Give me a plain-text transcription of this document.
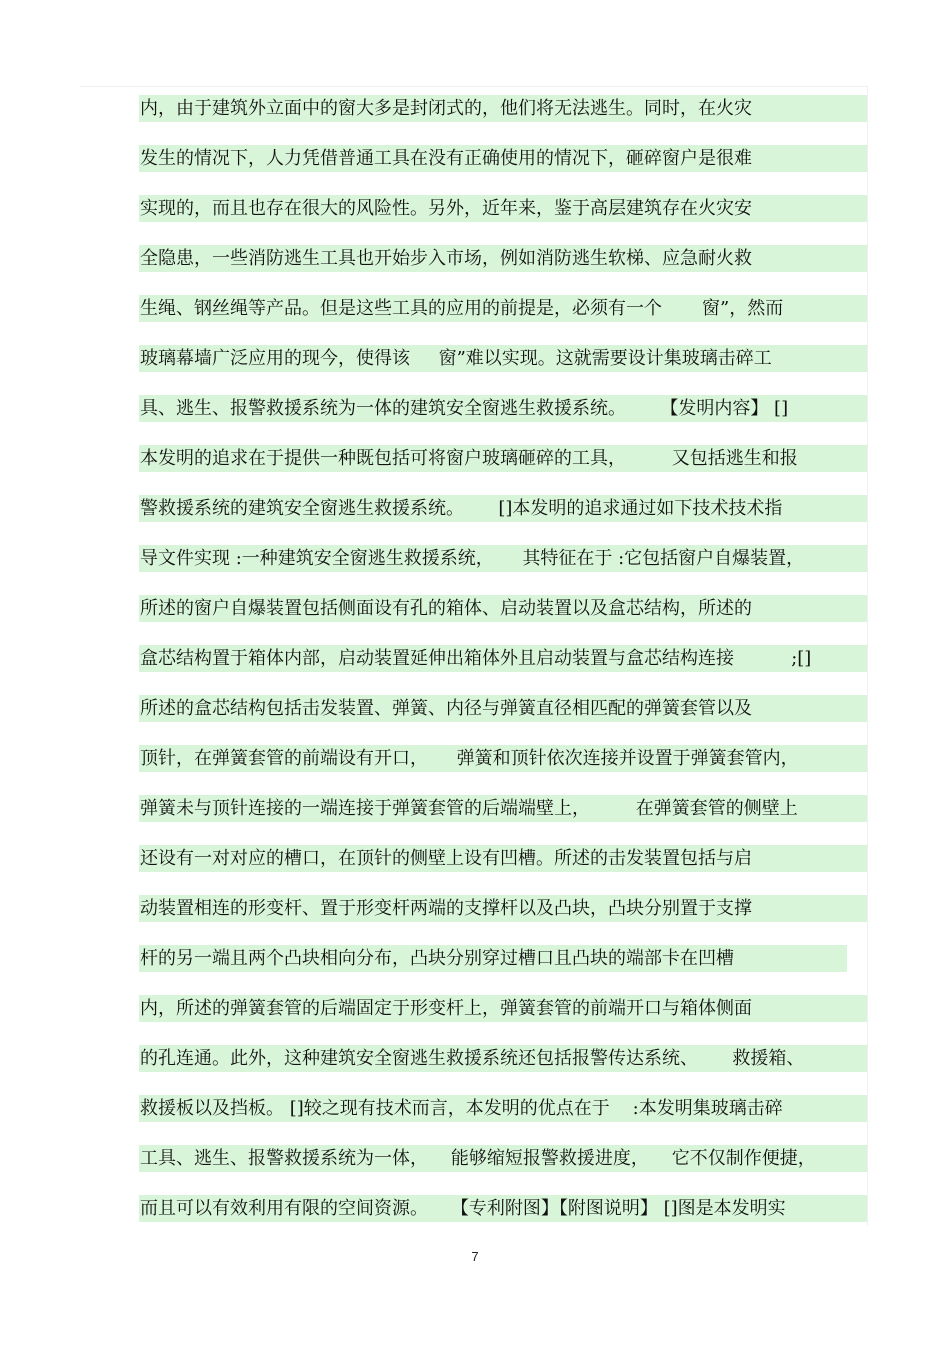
内，由于建筑外立面中的窗大多是封闭式的，他们将无法逃生。同时，在火灾
发生的情况下，人力凭借普通工具在没有正确使用的情况下，砸碎窗户是很难
实现的，而且也存在很大的风险性。另外，近年来，鉴于高层建筑存在火灾安
全隐患，一些消防逃生工具也开始步入市场，例如消防逃生软梯、应急耐火救
生绳、钢丝绳等产品。但是这些工具的应用的前提是，必须有一个       窗”，然而
玻璃幕墙广泛应用的现今，使得该     窗”难以实现。这就需要设计集玻璃击碎工
具、逃生、报警救援系统为一体的建筑安全窗逃生救援系统。      【发明内容】 []
本发明的追求在于提供一种既包括可将窗户玻璃砸碎的工具，        又包括逃生和报
警救援系统的建筑安全窗逃生救援系统。      []本发明的追求通过如下技术技术指
导文件实现 :一种建筑安全窗逃生救援系统，     其特征在于 :它包括窗户自爆装置，
所述的窗户自爆装置包括侧面设有孔的箱体、启动装置以及盒芯结构，所述的
盒芯结构置于箱体内部，启动装置延伸出箱体外且启动装置与盒芯结构连接          ;[]
所述的盒芯结构包括击发装置、弹簧、内径与弹簧直径相匹配的弹簧套管以及
顶针，在弹簧套管的前端设有开口，     弹簧和顶针依次连接并设置于弹簧套管内，
弹簧未与顶针连接的一端连接于弹簧套管的后端端壁上，        在弹簧套管的侧壁上
还设有一对对应的槽口，在顶针的侧壁上设有凹槽。所述的击发装置包括与启
动装置相连的形变杆、置于形变杆两端的支撑杆以及凸块，凸块分别置于支撑
杆的另一端且两个凸块相向分布，凸块分别穿过槽口且凸块的端部卡在凹槽
内，所述的弹簧套管的后端固定于形变杆上，弹簧套管的前端开口与箱体侧面
的孔连通。此外，这种建筑安全窗逃生救援系统还包括报警传达系统、      救援箱、
救援板以及挡板。 []较之现有技术而言，本发明的优点在于    :本发明集玻璃击碎
工具、逃生、报警救援系统为一体，    能够缩短报警救援进度，    它不仅制作便捷，
而且可以有效利用有限的空间资源。    【专利附图】【附图说明】 []图是本发明实
7
